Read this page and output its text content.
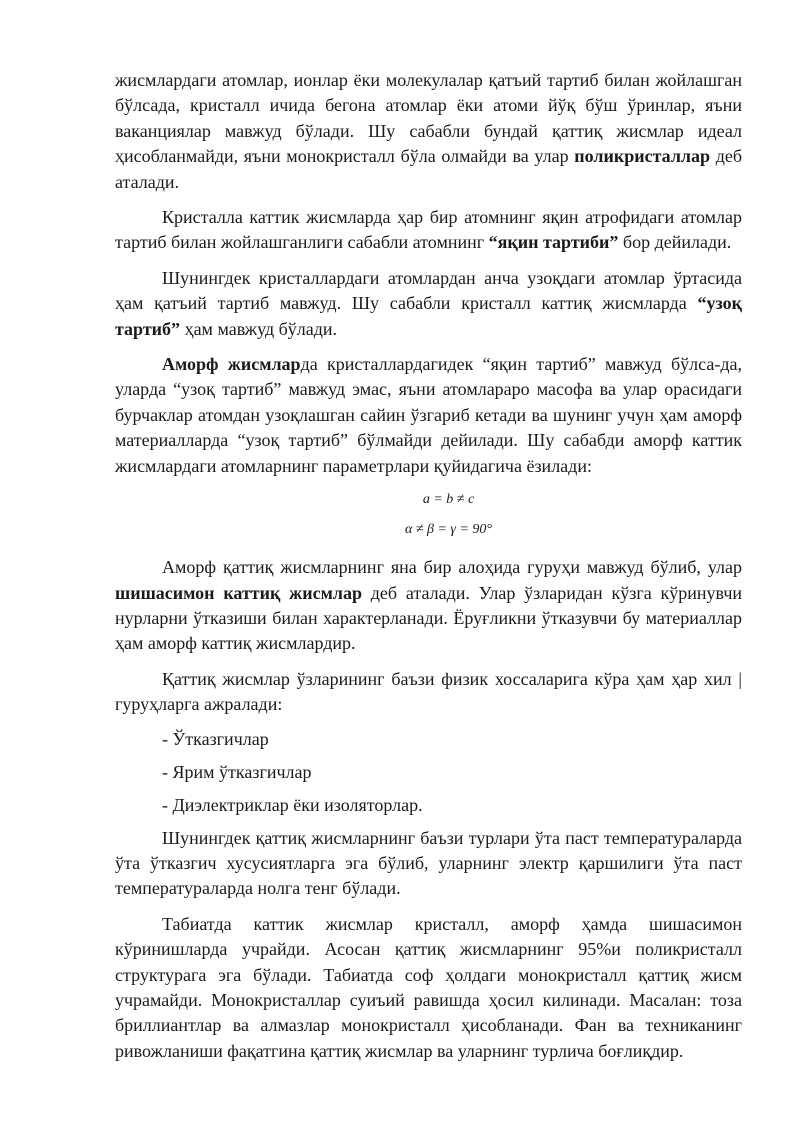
жисмлардаги атомлар, ионлар ёки молекулалар қатъий тартиб билан жойлашган бўлсада, кристалл ичида бегона атомлар ёки атоми йўқ бўш ўринлар, яъни ваканциялар мавжуд бўлади. Шу сабабли бундай қаттиқ жисмлар идеал ҳисобланмайди, яъни монокристалл бўла олмайди ва улар поликристаллар деб аталади.

Кристалла каттик жисмларда ҳар бир атомнинг яқин атрофидаги атомлар тартиб билан жойлашганлиги сабабли атомнинг “яқин тартиби” бор дейилади.

Шунингдек кристаллардаги атомлардан анча узоқдаги атомлар ўртасида ҳам қатъий тартиб мавжуд. Шу сабабли кристалл каттиқ жисмларда “узоқ тартиб” ҳам мавжуд бўлади.

Аморф жисмларда кристаллардагидек “яқин тартиб” мавжуд бўлса-да, уларда “узоқ тартиб” мавжуд эмас, яъни атомлараро масофа ва улар орасидаги бурчаклар атомдан узоқлашган сайин ўзгариб кетади ва шунинг учун ҳам аморф материалларда “узоқ тартиб” бўлмайди дейилади. Шу сабабди аморф каттик жисмлардаги атомларнинг параметрлари қуйидагича ёзилади:

a = b ≠ c
α ≠ β = γ = 90°

Аморф қаттиқ жисмларнинг яна бир алоҳида гуруҳи мавжуд бўлиб, улар шишасимон каттиқ жисмлар деб аталади. Улар ўзларидан кўзга кўринувчи нурларни ўтказиши билан характерланади. Ёруғликни ўтказувчи бу материаллар ҳам аморф каттиқ жисмлардир.

Қаттиқ жисмлар ўзларининг баъзи физик хоссаларига кўра ҳам ҳар хил | гуруҳларга ажралади:

- Ўтказгичлар

- Ярим ўтказгичлар

- Диэлектриклар ёки изоляторлар.

Шунингдек қаттиқ жисмларнинг баъзи турлари ўта паст температураларда ўта ўтказгич хусусиятларга эга бўлиб, уларнинг электр қаршилиги ўта паст температураларда нолга тенг бўлади.

Табиатда каттик жисмлар кристалл, аморф ҳамда шишасимон кўринишларда учрайди. Асосан қаттиқ жисмларнинг 95%и поликристалл структурага эга бўлади. Табиатда соф ҳолдаги монокристалл қаттиқ жисм учрамайди. Монокристаллар суиъий равишда ҳосил килинади. Масалан: тоза бриллиантлар ва алмазлар монокристалл ҳисобланади. Фан ва техниканинг ривожланиши фақатгина қаттиқ жисмлар ва уларнинг турлича боғлиқдир.
